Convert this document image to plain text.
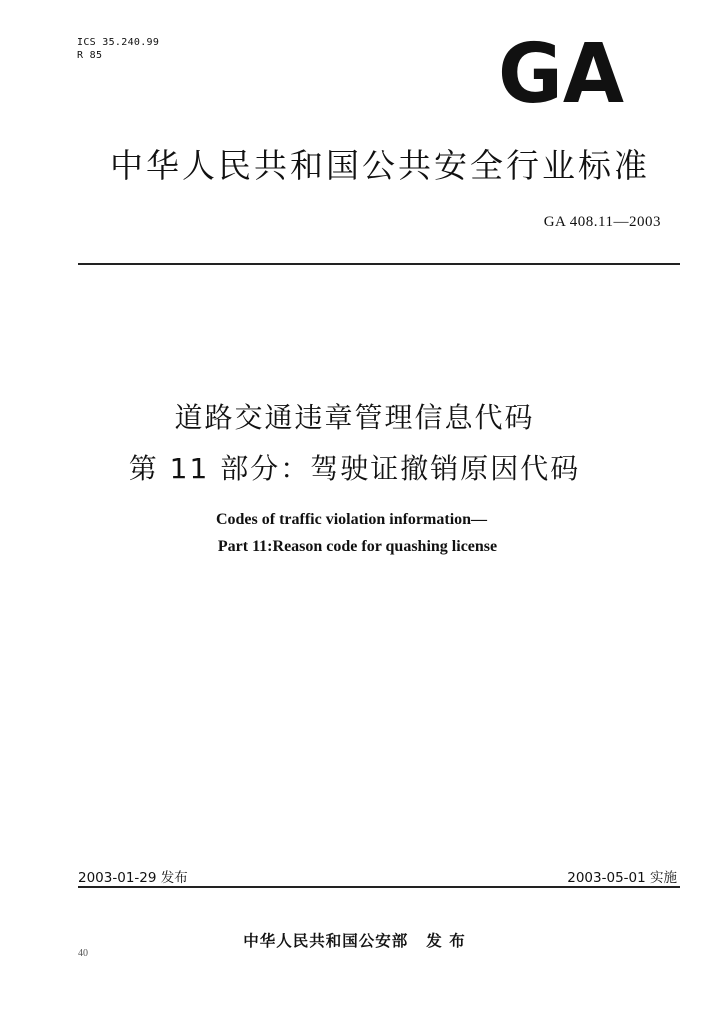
ICS 35.240.99
R 85	GA
中华人民共和国公共安全行业标准
GA 408.11—2003
道路交通违章管理信息代码
第 11 部分：驾驶证撤销原因代码
Codes of traffic violation information—
Part 11:Reason code for quashing license
2003-01-29 发布	2003-05-01 实施
中华人民共和国公安部 发 布
40
